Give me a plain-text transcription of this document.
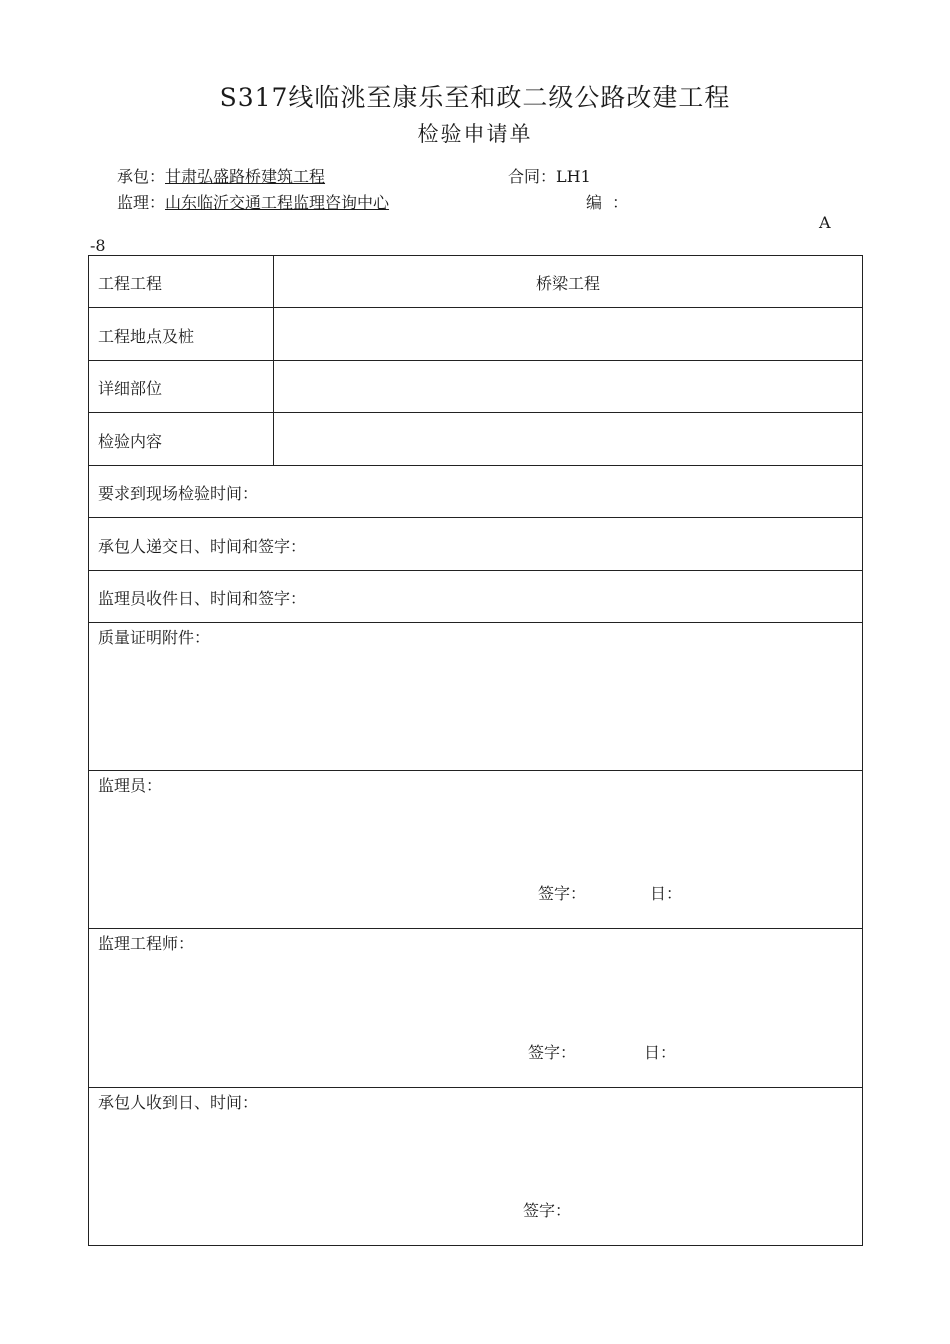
S317线临洮至康乐至和政二级公路改建工程
检验申请单
承包：甘肃弘盛路桥建筑工程	合同：LH1
监理：山东临沂交通工程监理咨询中心	编  ：
A
-8
工程工程	桥梁工程
工程地点及桩
详细部位
检验内容
要求到现场检验时间：
承包人递交日、时间和签字：
监理员收件日、时间和签字：
质量证明附件：
监理员：
签字：	日：
监理工程师：
签字：	日：
承包人收到日、时间：
签字：
